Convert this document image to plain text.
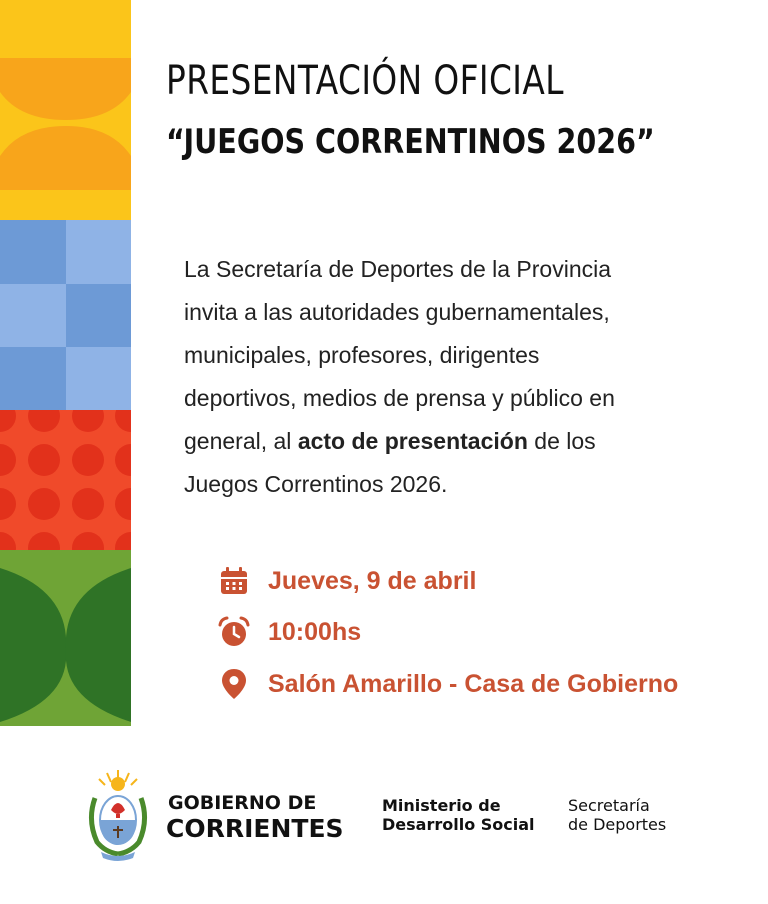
PRESENTACIÓN OFICIAL
“JUEGOS CORRENTINOS 2026”
La Secretaría de Deportes de la Provincia invita a las autoridades gubernamentales, municipales, profesores, dirigentes deportivos, medios de prensa y público en general, al acto de presentación de los Juegos Correntinos 2026.
Jueves, 9 de abril
10:00hs
Salón Amarillo - Casa de Gobierno
GOBIERNO DE
CORRIENTES
Ministerio de
Desarrollo Social
Secretaría
de Deportes
